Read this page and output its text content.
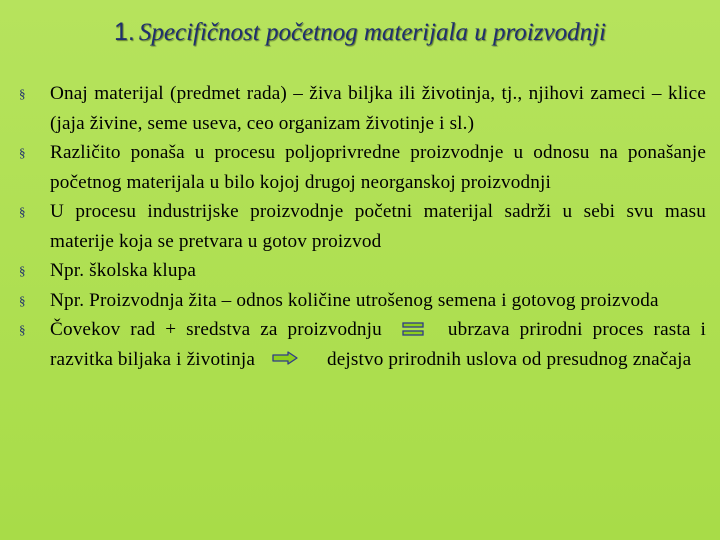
1. Specifičnost početnog materijala u proizvodnji
§
Onaj materijal (predmet rada) – živa biljka ili životinja, tj., njihovi zameci – klice (jaja živine, seme useva, ceo organizam životinje i sl.)
§
Različito ponaša u procesu poljoprivredne proizvodnje u odnosu na ponašanje početnog materijala u bilo kojoj drugoj neorganskoj proizvodnji
§
U procesu industrijske proizvodnje početni materijal sadrži u sebi svu masu materije koja se pretvara u gotov proizvod
§
Npr. školska klupa
§
Npr. Proizvodnja žita – odnos količine utrošenog semena i gotovog proizvoda
§
Čovekov rad + sredstva za proizvodnju	ubrzava prirodni proces rasta i razvitka biljaka i životinja	dejstvo prirodnih uslova od presudnog značaja
